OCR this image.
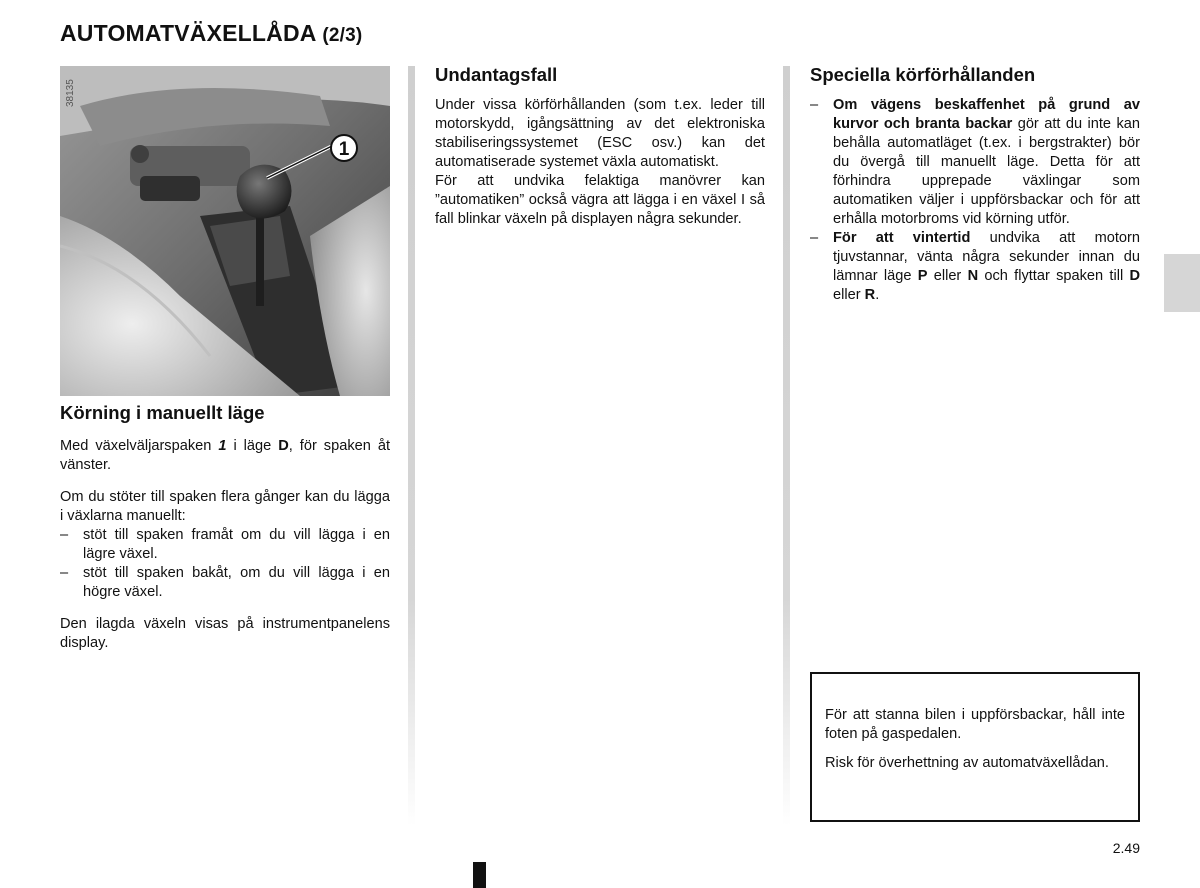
AUTOMATVÄXELLÅDA (2/3)
1
38135
Körning i manuellt läge

Med växelväljarspaken 1 i läge D, för spaken åt vänster.

Om du stöter till spaken flera gånger kan du lägga i växlarna manuellt:

– stöt till spaken framåt om du vill lägga i en lägre växel.
– stöt till spaken bakåt, om du vill lägga i en högre växel.

Den ilagda växeln visas på instrumentpanelens display.

Undantagsfall

Under vissa körförhållanden (som t.ex. leder till motorskydd, igångsättning av det elektroniska stabiliseringssystemet (ESC osv.) kan det automatiserade systemet växla automatiskt.

För att undvika felaktiga manövrer kan ”automatiken” också vägra att lägga i en växel I så fall blinkar växeln på displayen några sekunder.

Speciella körförhållanden
– Om vägens beskaffenhet på grund av kurvor och branta backar gör att du inte kan behålla automatläget (t.ex. i bergstrakter) bör du övergå till manuellt läge. Detta för att förhindra upprepade växlingar som automatiken väljer i uppförsbackar och för att erhålla motorbroms vid körning utför.
– För att vintertid undvika att motorn tjuvstannar, vänta några sekunder innan du lämnar läge P eller N och flyttar spaken till D eller R.

För att stanna bilen i uppförsbackar, håll inte foten på gaspedalen.

Risk för överhettning av automatväxellådan.

2.49
